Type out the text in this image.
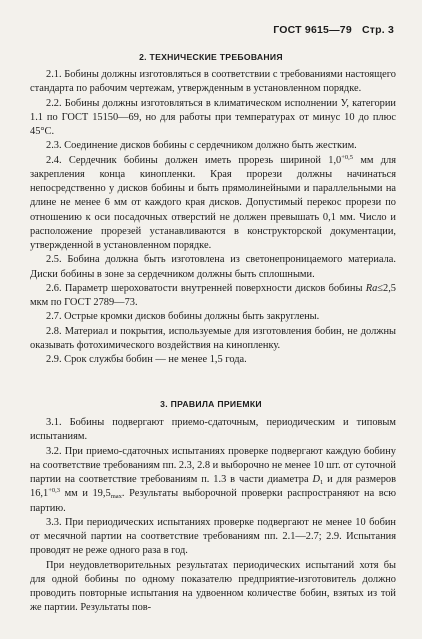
ГОСТ 9615—79 Стр. 3
2. ТЕХНИЧЕСКИЕ ТРЕБОВАНИЯ

2.1. Бобины должны изготовляться в соответствии с требованиями настоящего стандарта по рабочим чертежам, утвержденным в установленном порядке.

2.2. Бобины должны изготовляться в климатическом исполнении У, категории 1.1 по ГОСТ 15150—69, но для работы при температурах от минус 10 до плюс 45°С.

2.3. Соединение дисков бобины с сердечником должно быть жестким.

2.4. Сердечник бобины должен иметь прорезь шириной $1,0^{+0,5}$ мм для закрепления конца кинопленки. Края прорези должны начинаться непосредственно у дисков бобины и быть прямолинейными и параллельными на длине не менее 6 мм от каждого края дисков. Допустимый перекос прорези по отношению к оси посадочных отверстий не должен превышать 0,1 мм. Число и расположение прорезей устанавливаются в конструкторской документации, утвержденной в установленном порядке.

2.5. Бобина должна быть изготовлена из светонепроницаемого материала. Диски бобины в зоне за сердечником должны быть сплошными.

2.6. Параметр шероховатости внутренней поверхности дисков бобины Ra≤2,5 мкм по ГОСТ 2789—73.

2.7. Острые кромки дисков бобины должны быть закруглены.

2.8. Материал и покрытия, используемые для изготовления бобин, не должны оказывать фотохимического воздействия на кинопленку.

2.9. Срок службы бобин — не менее 1,5 года.

3. ПРАВИЛА ПРИЕМКИ

3.1. Бобины подвергают приемо-сдаточным, периодическим и типовым испытаниям.

3.2. При приемо-сдаточных испытаниях проверке подвергают каждую бобину на соответствие требованиям пп. 2.3, 2.8 и выборочно не менее 10 шт. от суточной партии на соответствие требованиям п. 1.3 в части диаметра $D_1$ и для размеров $16,1^{+0,3}$ мм и $19,5_{max}$. Результаты выборочной проверки распространяют на всю партию.

3.3. При периодических испытаниях проверке подвергают не менее 10 бобин от месячной партии на соответствие требованиям пп. 2.1—2.7; 2.9. Испытания проводят не реже одного раза в год.

При неудовлетворительных результатах периодических испытаний хотя бы для одной бобины по одному показателю предприятие-изготовитель должно проводить повторные испытания на удвоенном количестве бобин, взятых из той же партии. Результаты пов-
